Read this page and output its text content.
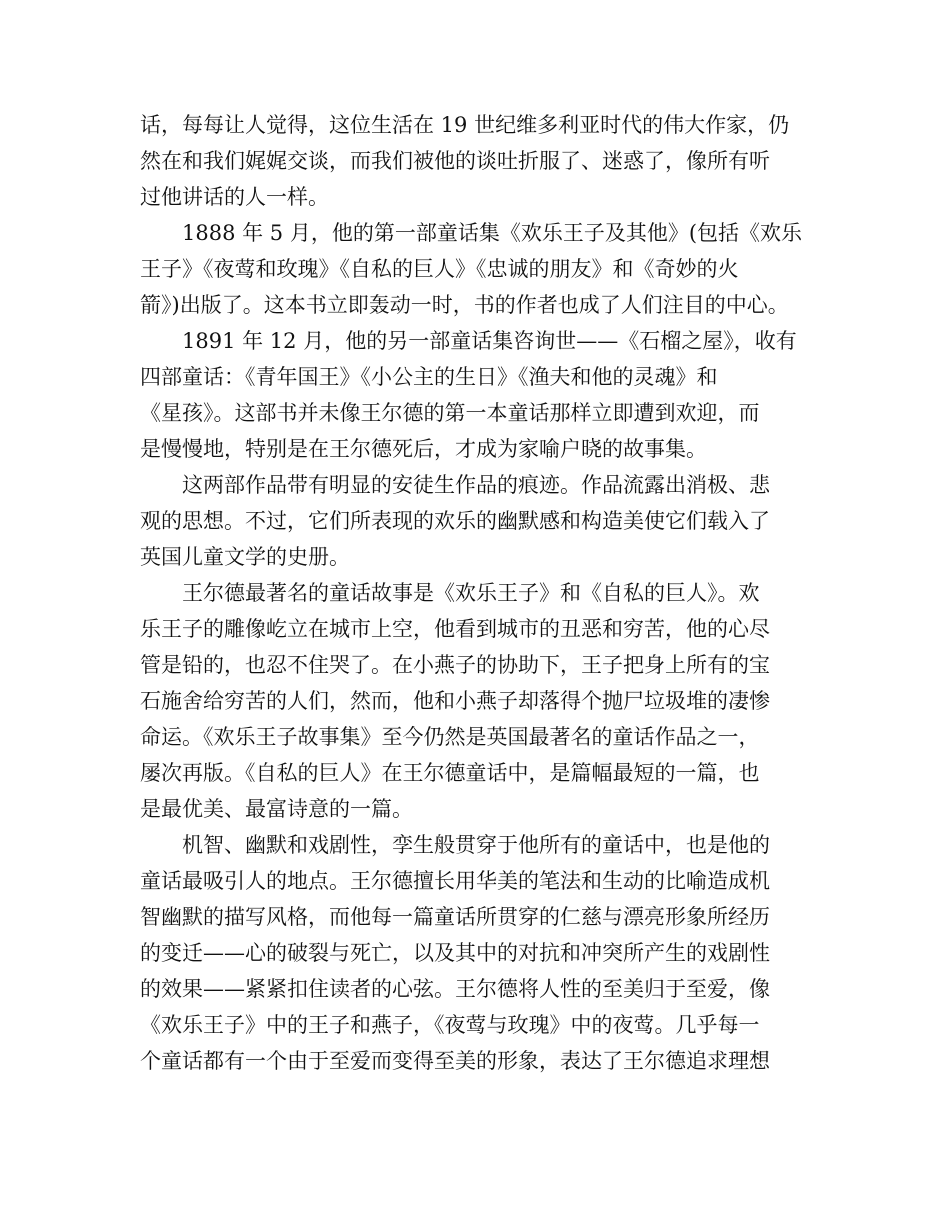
话，每每让人觉得，这位生活在 19 世纪维多利亚时代的伟大作家，仍
然在和我们娓娓交谈，而我们被他的谈吐折服了、迷惑了，像所有听
过他讲话的人一样。

1888 年 5 月，他的第一部童话集《欢乐王子及其他》(包括《欢乐
王子》《夜莺和玫瑰》《自私的巨人》《忠诚的朋友》和《奇妙的火
箭》)出版了。这本书立即轰动一时，书的作者也成了人们注目的中心。

1891 年 12 月，他的另一部童话集咨询世——《石榴之屋》，收有
四部童话：《青年国王》《小公主的生日》《渔夫和他的灵魂》和
《星孩》。这部书并未像王尔德的第一本童话那样立即遭到欢迎，而
是慢慢地，特别是在王尔德死后，才成为家喻户晓的故事集。

这两部作品带有明显的安徒生作品的痕迹。作品流露出消极、悲
观的思想。不过，它们所表现的欢乐的幽默感和构造美使它们载入了
英国儿童文学的史册。

王尔德最著名的童话故事是《欢乐王子》和《自私的巨人》。欢
乐王子的雕像屹立在城市上空，他看到城市的丑恶和穷苦，他的心尽
管是铅的，也忍不住哭了。在小燕子的协助下，王子把身上所有的宝
石施舍给穷苦的人们，然而，他和小燕子却落得个抛尸垃圾堆的凄惨
命运。《欢乐王子故事集》至今仍然是英国最著名的童话作品之一，
屡次再版。《自私的巨人》在王尔德童话中，是篇幅最短的一篇，也
是最优美、最富诗意的一篇。

机智、幽默和戏剧性，孪生般贯穿于他所有的童话中，也是他的
童话最吸引人的地点。王尔德擅长用华美的笔法和生动的比喻造成机
智幽默的描写风格，而他每一篇童话所贯穿的仁慈与漂亮形象所经历
的变迁——心的破裂与死亡，以及其中的对抗和冲突所产生的戏剧性
的效果——紧紧扣住读者的心弦。王尔德将人性的至美归于至爱，像
《欢乐王子》中的王子和燕子，《夜莺与玫瑰》中的夜莺。几乎每一
个童话都有一个由于至爱而变得至美的形象，表达了王尔德追求理想
